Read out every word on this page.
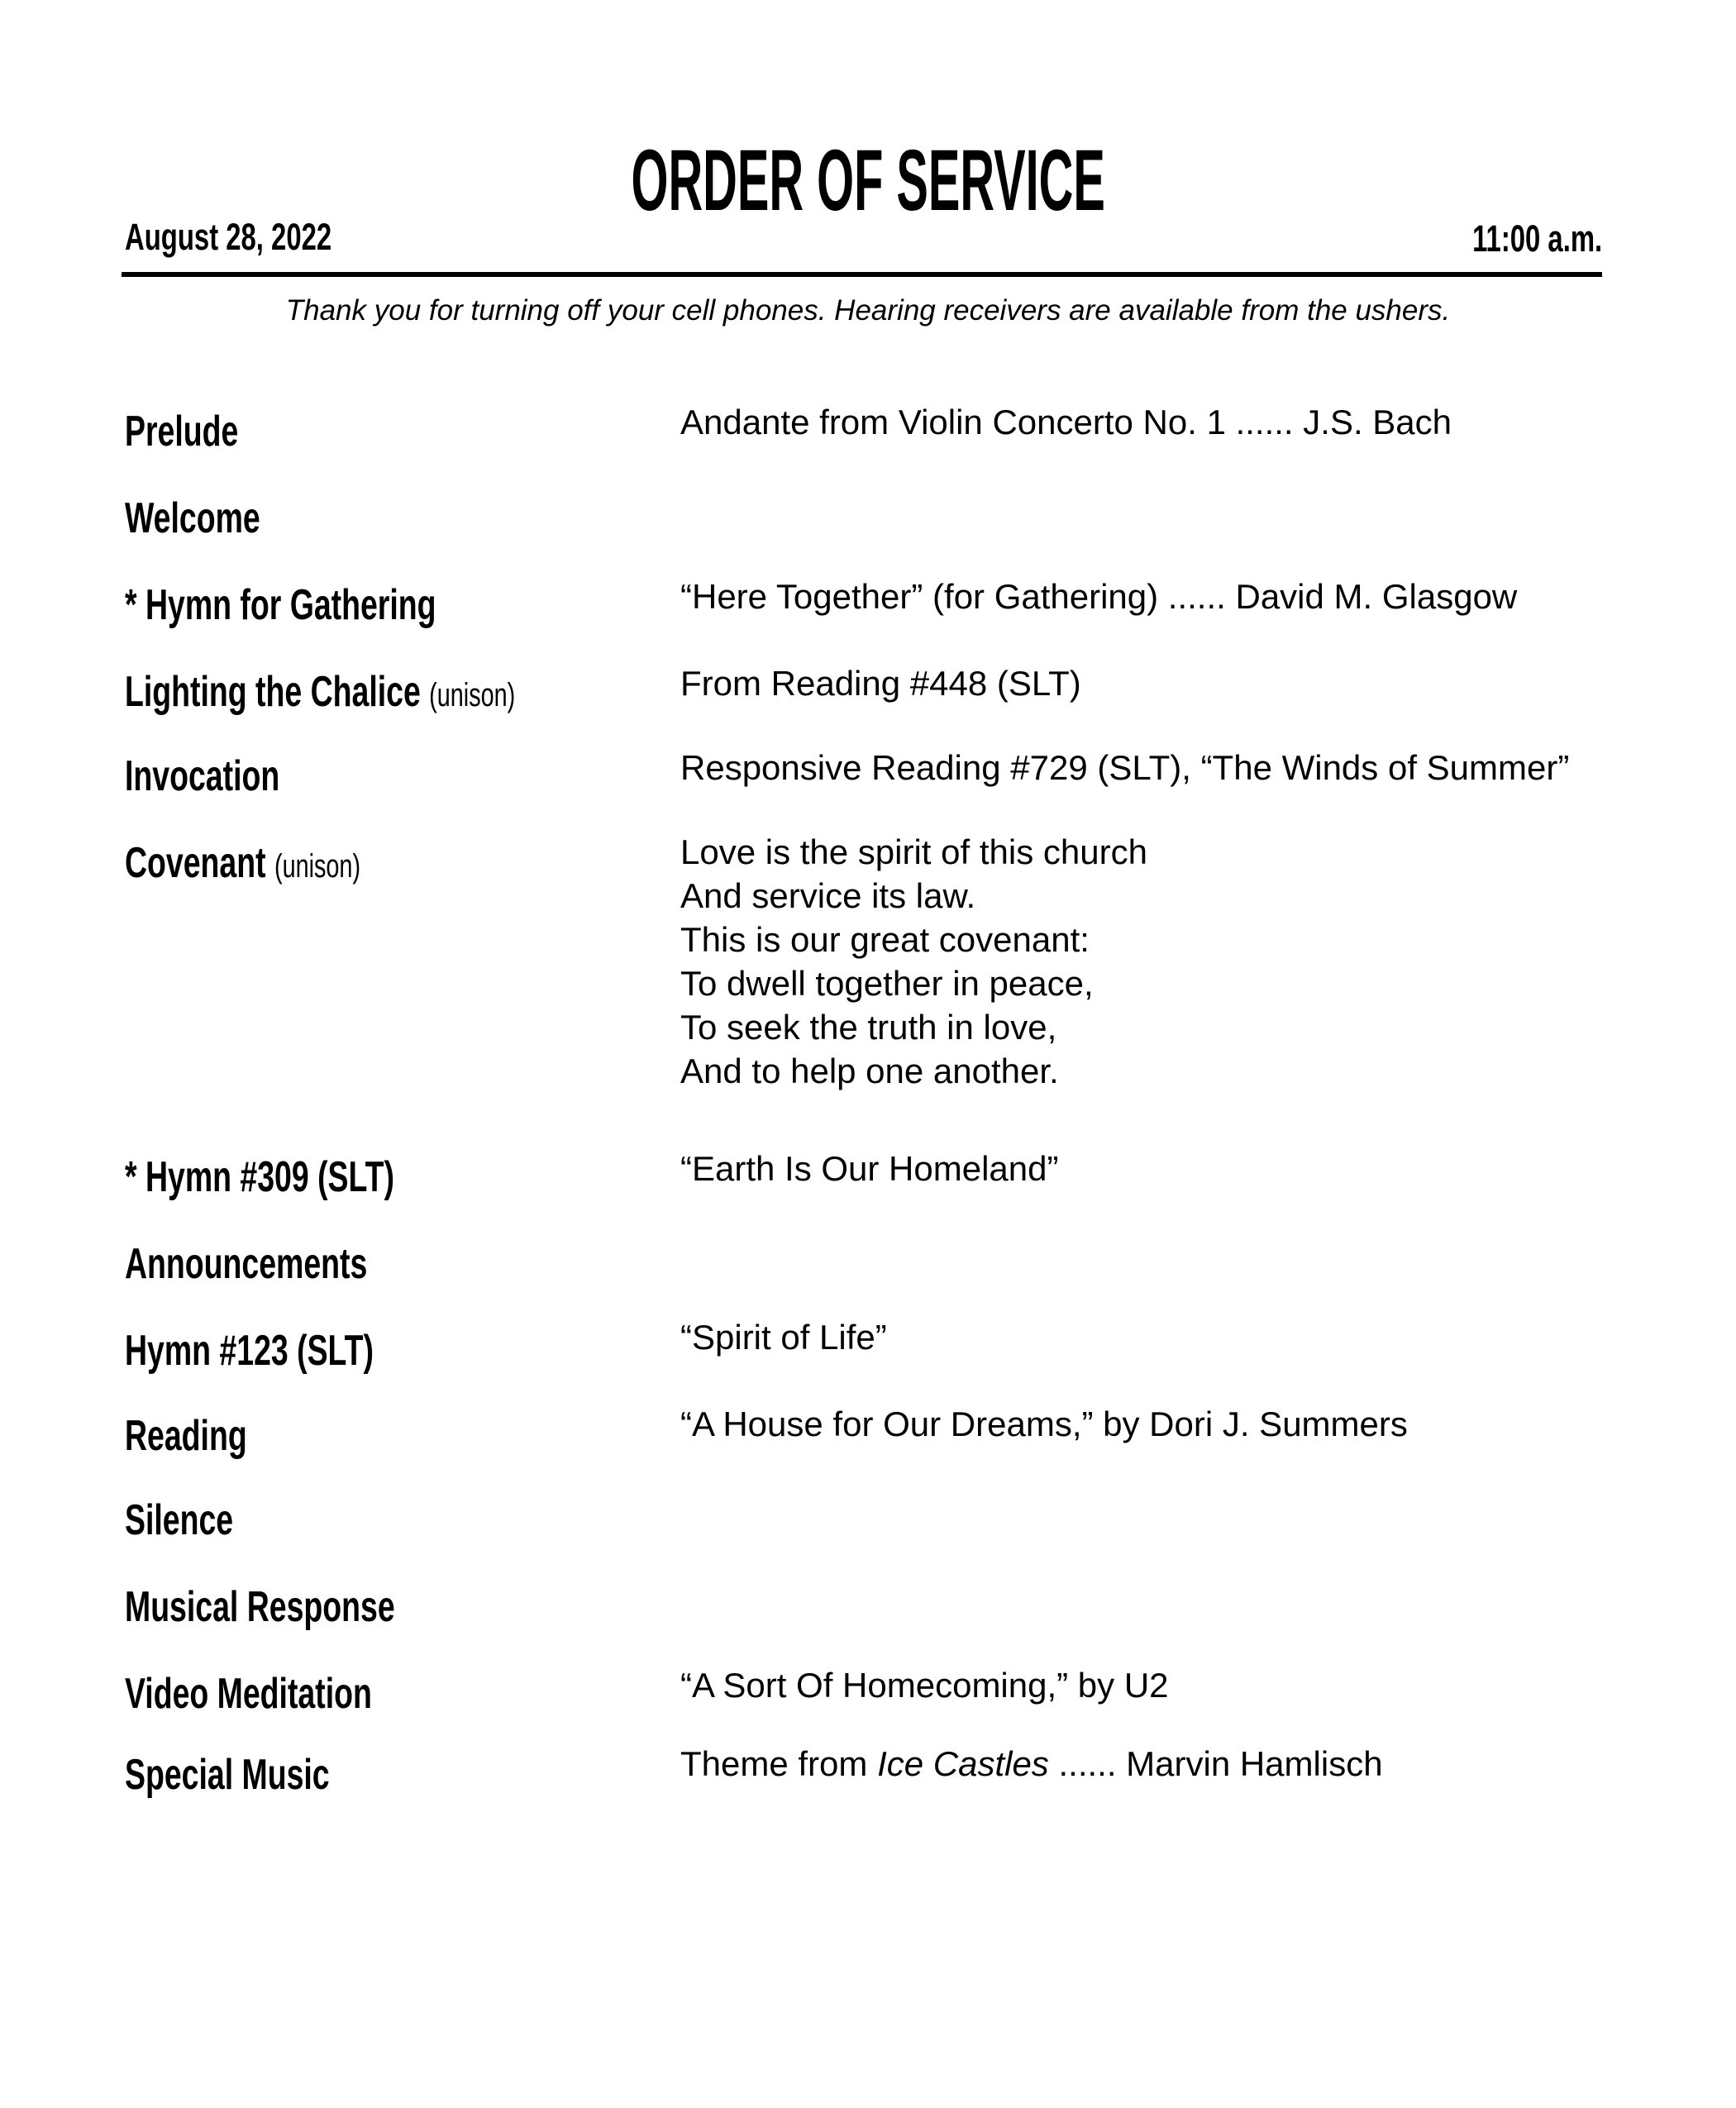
ORDER OF SERVICE
August 28, 2022	11:00 a.m.
Thank you for turning off your cell phones. Hearing receivers are available from the ushers.
Prelude
Welcome
* Hymn for Gathering
Lighting the Chalice (unison)
Invocation
Covenant (unison)
* Hymn #309 (SLT)
Announcements
Hymn #123 (SLT)
Reading
Silence
Musical Response
Video Meditation
Special Music
Andante from Violin Concerto No. 1 ...... J.S. Bach
“Here Together” (for Gathering) ...... David M. Glasgow
From Reading #448 (SLT)
Responsive Reading #729 (SLT), “The Winds of Summer”
Love is the spirit of this church
And service its law.
This is our great covenant:
To dwell together in peace,
To seek the truth in love,
And to help one another.
“Earth Is Our Homeland”
“Spirit of Life”
“A House for Our Dreams,” by Dori J. Summers
“A Sort Of Homecoming,” by U2
Theme from Ice Castles ...... Marvin Hamlisch
